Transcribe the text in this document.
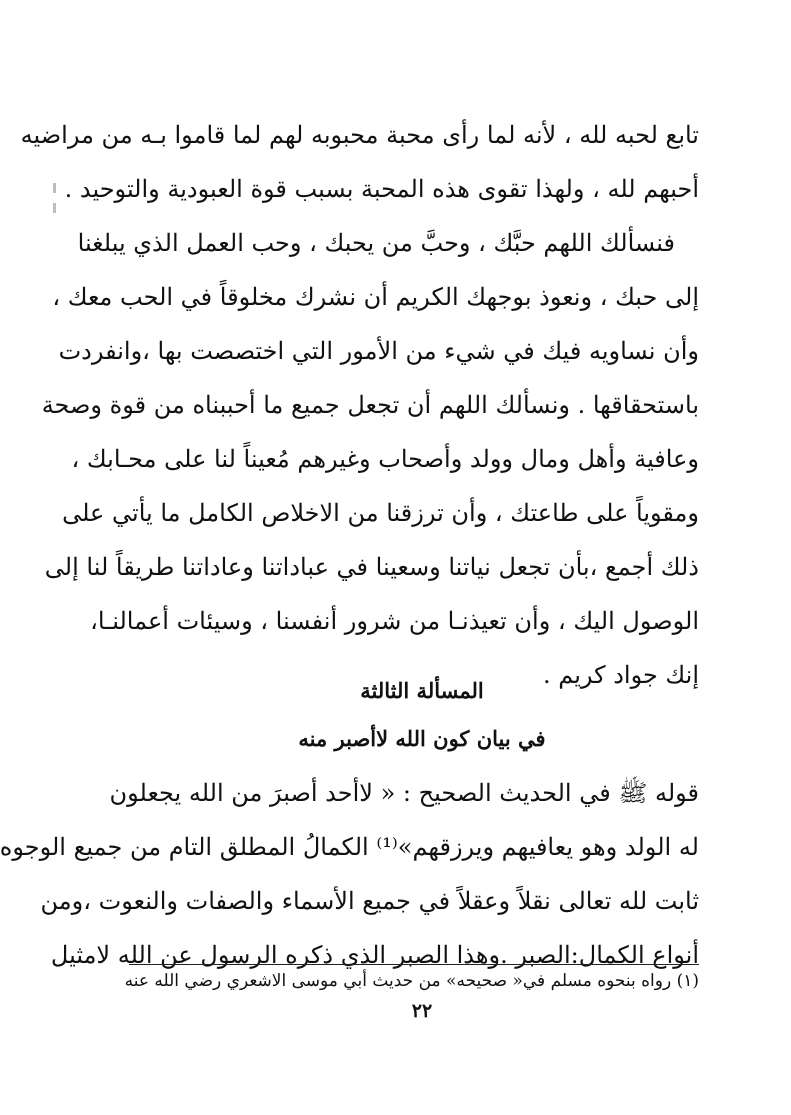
تابع لحبه لله ، لأنه لما رأى محبة محبوبه لهم لما قاموا بـه من مراضيه
أحبهم لله ، ولهذا تقوى هذه المحبة بسبب قوة العبودية والتوحيد .
فنسألك اللهم حبَّك ، وحبَّ من يحبك ، وحب العمل الذي يبلغنا
إلى حبك ، ونعوذ بوجهك الكريم أن نشرك مخلوقاً في الحب معك ،
وأن نساويه فيك في شيء من الأمور التي اختصصت بها ،وانفردت
باستحقاقها . ونسألك اللهم أن تجعل جميع ما أحببناه من قوة وصحة
وعافية وأهل ومال وولد وأصحاب وغيرهم مُعيناً لنا على محـابك ،
ومقوياً على طاعتك ، وأن ترزقنا من الاخلاص الكامل ما يأتي على
ذلك أجمع ،بأن تجعل نياتنا وسعينا في عباداتنا وعاداتنا طريقاً لنا إلى
الوصول اليك ، وأن تعيذنـا من شرور أنفسنا ، وسيئات أعمالنـا،
إنك جواد كريم .
المسألة الثالثة
في بيان كون الله لاأصبر منه
قوله ﷺ في الحديث الصحيح : « لاأحد أصبرَ من الله يجعلون
له الولد وهو يعافيهم ويرزقهم»⁽¹⁾ الكمالُ المطلق التام من جميع الوجوه
ثابت لله تعالى نقلاً وعقلاً في جميع الأسماء والصفات والنعوت ،ومن
أنواع الكمال:الصبر .وهذا الصبر الذي ذكره الرسول عن الله لامثيل
(١) رواه بنحوه مسلم في« صحيحه» من حديث أبي موسى الاشعري رضي الله عنه
٢٢
